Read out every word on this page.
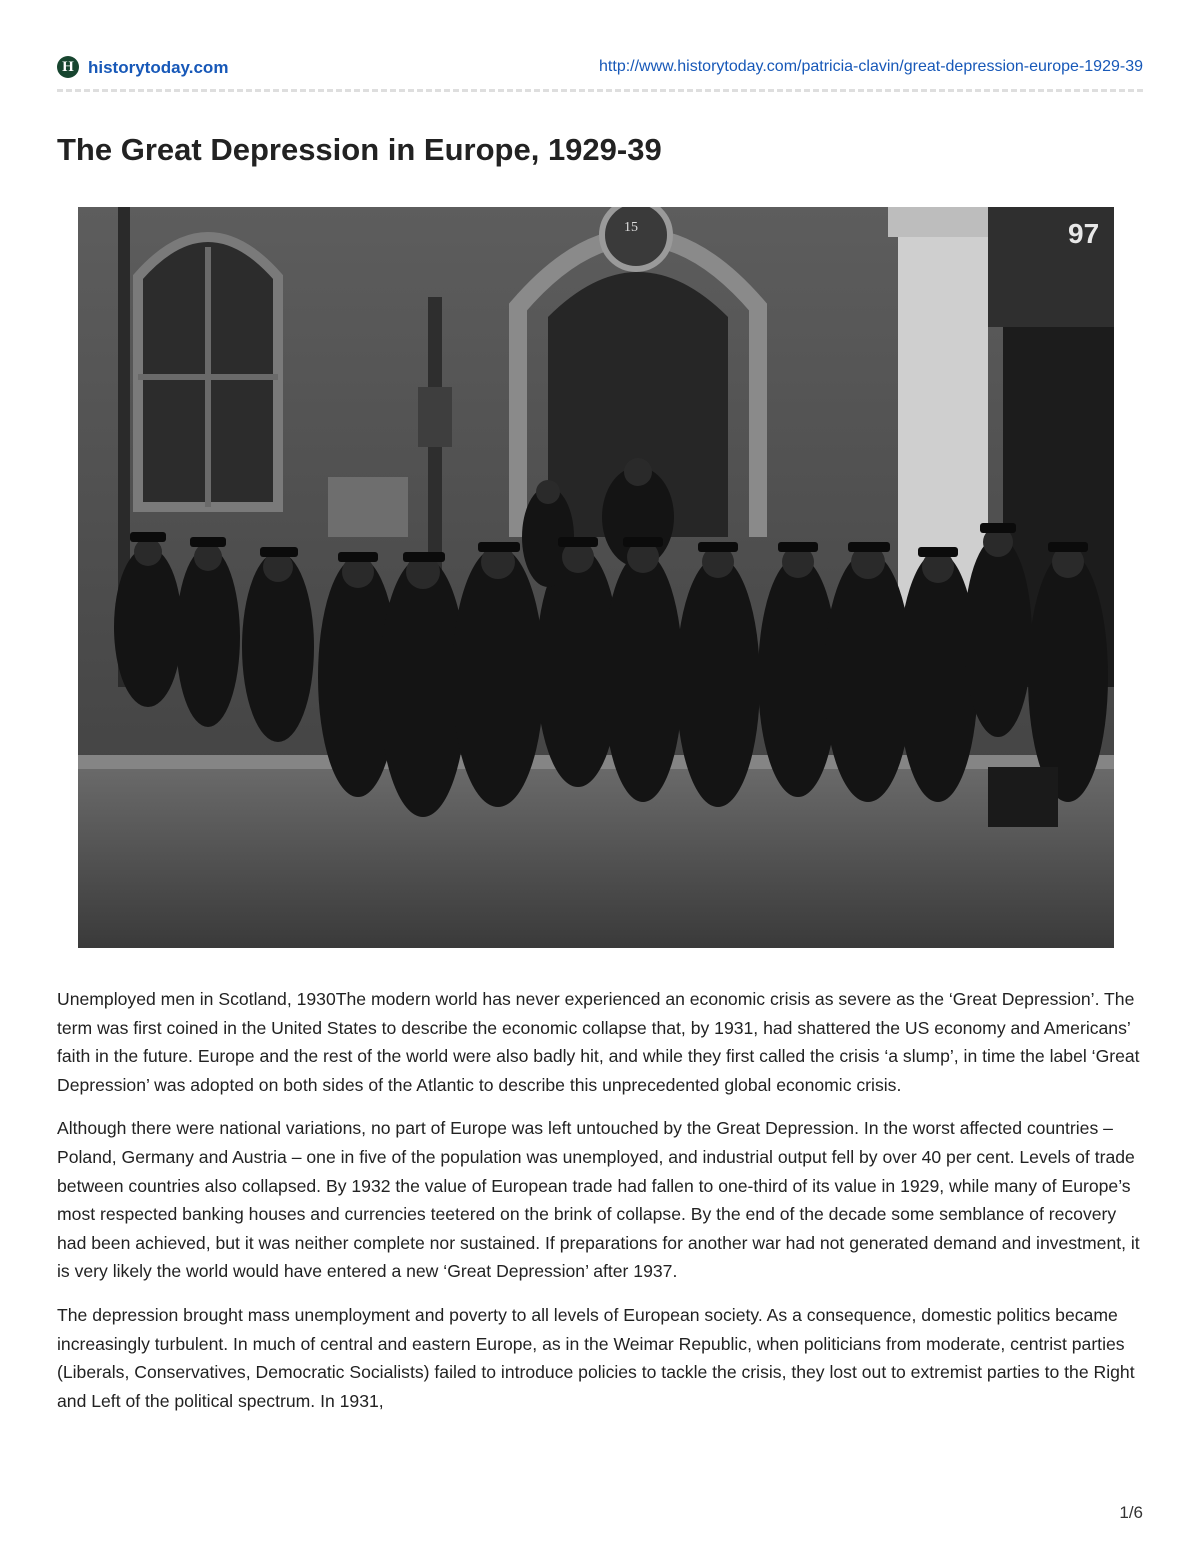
H historytoday.com	http://www.historytoday.com/patricia-clavin/great-depression-europe-1929-39
The Great Depression in Europe, 1929-39
97
15

Unemployed men in Scotland, 1930The modern world has never experienced an economic crisis as severe as the ‘Great Depression’. The term was first coined in the United States to describe the economic collapse that, by 1931, had shattered the US economy and Americans’ faith in the future. Europe and the rest of the world were also badly hit, and while they first called the crisis ‘a slump’, in time the label ‘Great Depression’ was adopted on both sides of the Atlantic to describe this unprecedented global economic crisis.

Although there were national variations, no part of Europe was left untouched by the Great Depression. In the worst affected countries – Poland, Germany and Austria – one in five of the population was unemployed, and industrial output fell by over 40 per cent. Levels of trade between countries also collapsed. By 1932 the value of European trade had fallen to one-third of its value in 1929, while many of Europe’s most respected banking houses and currencies teetered on the brink of collapse. By the end of the decade some semblance of recovery had been achieved, but it was neither complete nor sustained. If preparations for another war had not generated demand and investment, it is very likely the world would have entered a new ‘Great Depression’ after 1937.

The depression brought mass unemployment and poverty to all levels of European society. As a consequence, domestic politics became increasingly turbulent. In much of central and eastern Europe, as in the Weimar Republic, when politicians from moderate, centrist parties (Liberals, Conservatives, Democratic Socialists) failed to introduce policies to tackle the crisis, they lost out to extremist parties to the Right and Left of the political spectrum. In 1931,

1/6
